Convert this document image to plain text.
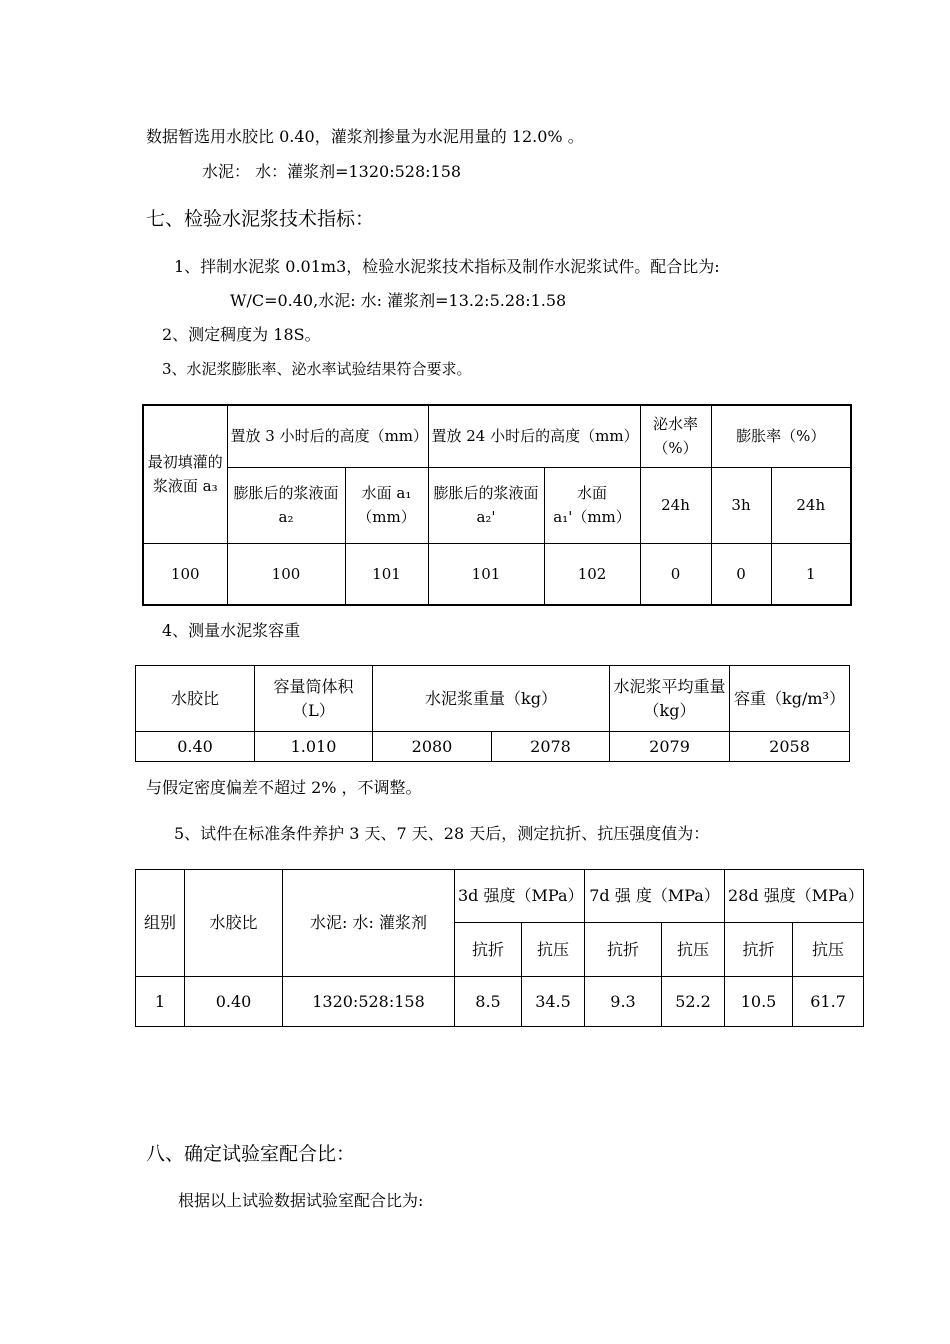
数据暂选用水胶比 0.40，灌浆剂掺量为水泥用量的 12.0% 。
水泥： 水：灌浆剂=1320:528:158
七、检验水泥浆技术指标：
1、拌制水泥浆 0.01m3，检验水泥浆技术指标及制作水泥浆试件。配合比为:
W/C=0.40,水泥: 水: 灌浆剂=13.2:5.28:1.58
2、测定稠度为 18S。
3、水泥浆膨胀率、泌水率试验结果符合要求。
最初填灌的浆液面 a₃	置放 3 小时后的高度（mm）		置放 24 小时后的高度（mm）		泌水率（%）	膨胀率（%）	
	膨胀后的浆液面 a₂	水面 a₁（mm）	膨胀后的浆液面 a₂'	水面 a₁'（mm）	24h	3h	24h
100	100	101	101	102	0	0	1
4、测量水泥浆容重
水胶比	容量筒体积（L）	水泥浆重量（kg）		水泥浆平均重量（kg）	容重（kg/m³）
0.40	1.010	2080	2078	2079	2058
与假定密度偏差不超过 2% ，不调整。
5、试件在标准条件养护 3 天、7 天、28 天后，测定抗折、抗压强度值为：
组别	水胶比	水泥: 水: 灌浆剂	3d 强度（MPa）		7d 强 度（MPa）		28d 强度（MPa）	
			抗折	抗压	抗折	抗压	抗折	抗压
1	0.40	1320:528:158	8.5	34.5	9.3	52.2	10.5	61.7
八、确定试验室配合比：
根据以上试验数据试验室配合比为:
